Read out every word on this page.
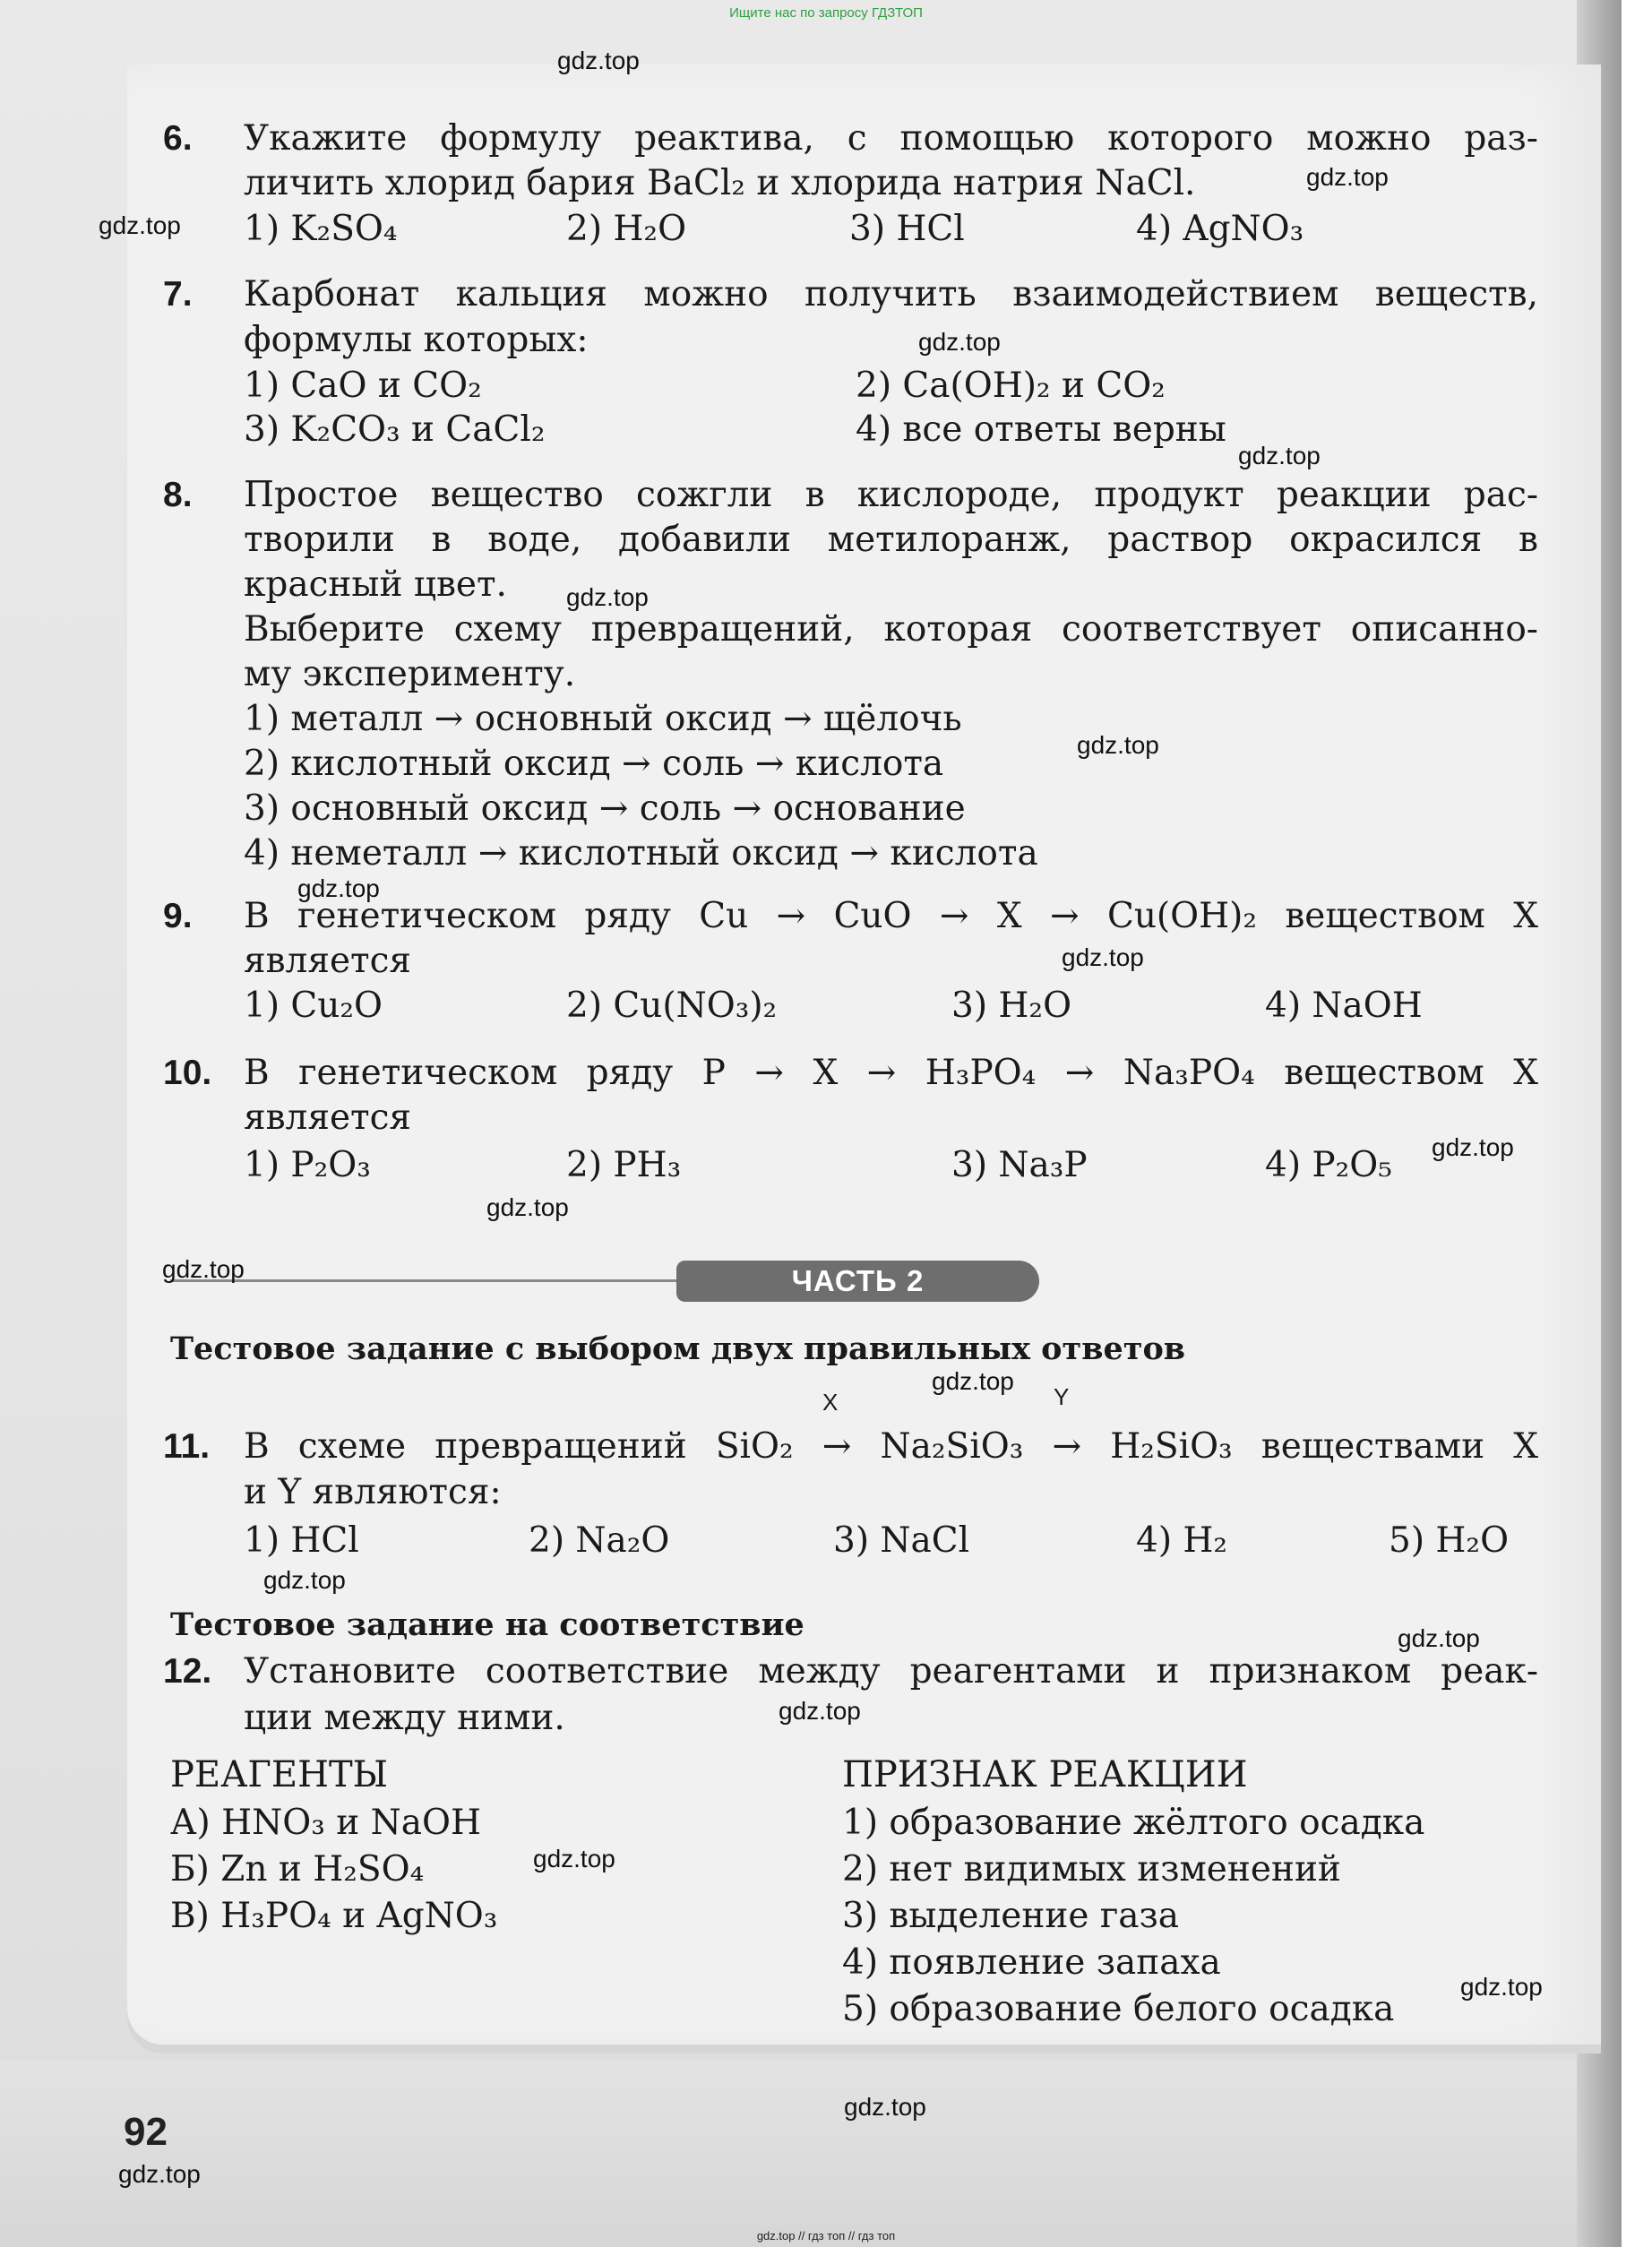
Ищите нас по запросу ГДЗТОП
6. Укажите формулу реактива, с помощью которого можно раз-
личить хлорид бария BaCl₂ и хлорида натрия NaCl.
1) K₂SO₄	2) H₂O	3) HCl	4) AgNO₃
7. Карбонат кальция можно получить взаимодействием веществ,
формулы которых:
1) CaO и CO₂	2) Ca(OH)₂ и CO₂
3) K₂CO₃ и CaCl₂	4) все ответы верны
8. Простое вещество сожгли в кислороде, продукт реакции рас-
творили в воде, добавили метилоранж, раствор окрасился в
красный цвет.
Выберите схему превращений, которая соответствует описанно-
му эксперименту.
1) металл → основный оксид → щёлочь
2) кислотный оксид → соль → кислота
3) основный оксид → соль → основание
4) неметалл → кислотный оксид → кислота
9. В генетическом ряду Cu → CuO → X → Cu(OH)₂ веществом X
является
1) Cu₂O	2) Cu(NO₃)₂	3) H₂O	4) NaOH
10. В генетическом ряду P → X → H₃PO₄ → Na₃PO₄ веществом X
является
1) P₂O₃	2) PH₃	3) Na₃P	4) P₂O₅
ЧАСТЬ 2
Тестовое задание с выбором двух правильных ответов
X	Y
11. В схеме превращений SiO₂ → Na₂SiO₃ → H₂SiO₃ веществами X
и Y являются:
1) HCl	2) Na₂O	3) NaCl	4) H₂	5) H₂O
Тестовое задание на соответствие
12. Установите соответствие между реагентами и признаком реак-
ции между ними.
РЕАГЕНТЫ	ПРИЗНАК РЕАКЦИИ
А) HNO₃ и NaOH
Б) Zn и H₂SO₄
В) H₃PO₄ и AgNO₃
1) образование жёлтого осадка
2) нет видимых изменений
3) выделение газа
4) появление запаха
5) образование белого осадка
92
gdz.top
gdz.top
gdz.top
gdz.top
gdz.top
gdz.top
gdz.top
gdz.top
gdz.top
gdz.top
gdz.top
gdz.top
gdz.top
gdz.top
gdz.top
gdz.top
gdz.top
gdz.top
gdz.top
gdz.top
gdz.top // гдз топ // гдз топ
